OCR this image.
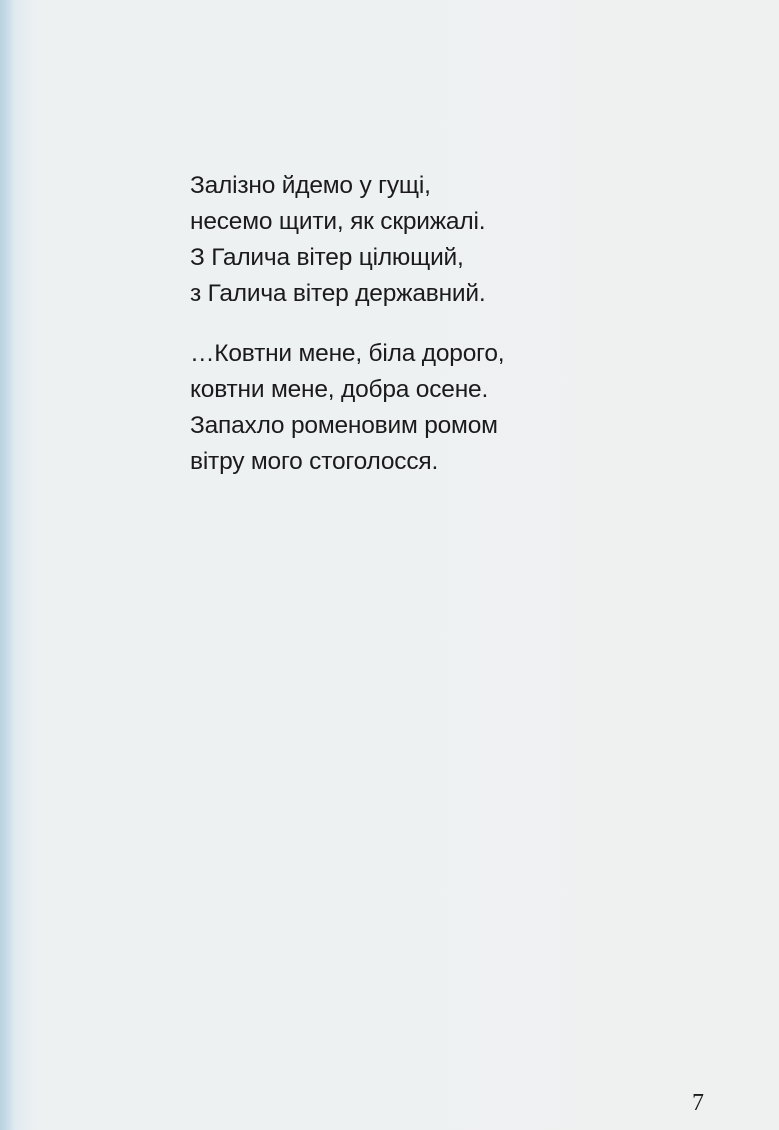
Залізно йдемо у гущі,
несемо щити, як скрижалі.
З Галича вітер цілющий,
з Галича вітер державний.

…Ковтни мене, біла дорого,
ковтни мене, добра осене.
Запахло роменовим ромом
вітру мого стоголосся.

7
